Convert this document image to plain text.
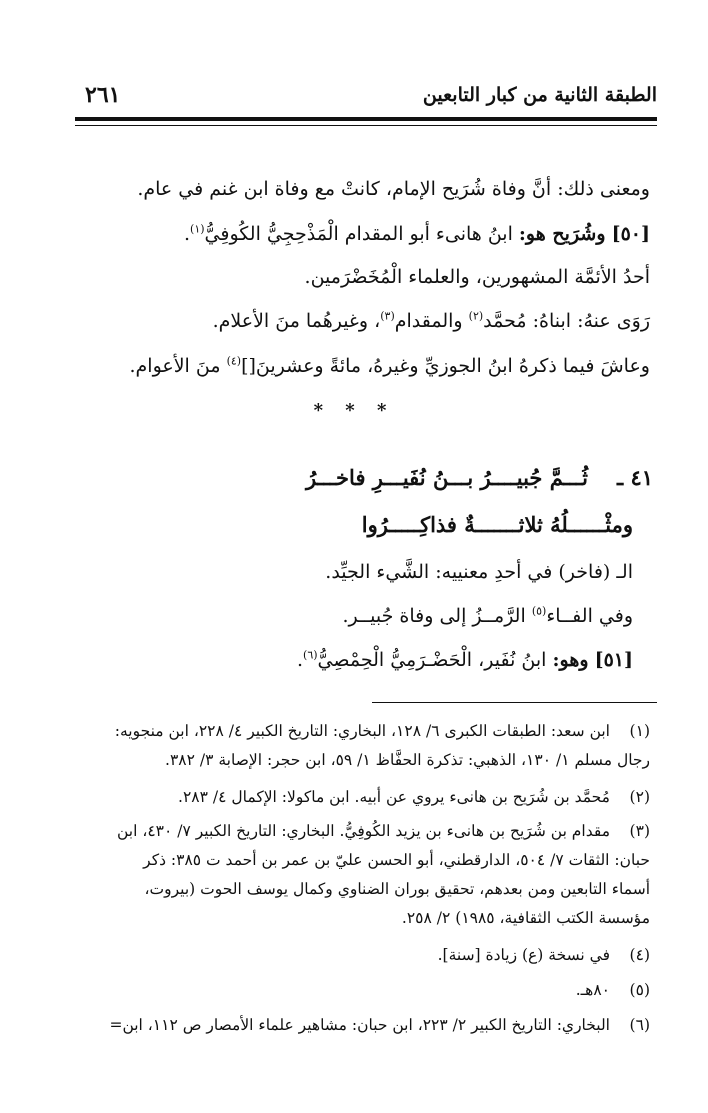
الطبقة الثانية من كبار التابعين
٢٦١
ومعنى ذلك: أنَّ وفاة شُرَيح الإمام، كانتْ مع وفاة ابن غنم في عام.
[٥٠] وشُرَيح هو: ابنُ هانىء أبو المقدام الْمَذْحِجِيُّ الكُوفِيُّ$^{(١)}$.
أحدُ الأئمَّة المشهورين، والعلماء الْمُخَضْرَمين.
رَوَى عنهُ: ابناهُ: مُحمَّد$^{(٢)}$ والمقدام$^{(٣)}$، وغيرهُما منَ الأعلام.
وعاشَ فيما ذكرهُ ابنُ الجوزيِّ وغيرهُ، مائةً وعشرينَ[]$^{(٤)}$ منَ الأعوام.
* * *
٤١ ـ
ثُـــمَّ جُبيــــرُ بـــنُ نُفَيـــرِ فاخـــرُ
ومثْــــــلُهُ ثلاثـــــــةٌ فذاكِـــــرُوا
الـ (فاخر) في أحدِ معنييه: الشَّيء الجيِّد.
وفي الفــاء$^{(٥)}$ الرَّمــزُ إلى وفاة جُبيــر.
[٥١] وهو: ابنُ نُفَير، الْحَضْـرَمِيُّ الْحِمْصِيُّ$^{(٦)}$.
(١)
ابن سعد: الطبقات الكبرى ٦/ ١٢٨، البخاري: التاريخ الكبير ٤/ ٢٢٨، ابن منجويه:
رجال مسلم ١/ ١٣٠، الذهبي: تذكرة الحفَّاظ ١/ ٥٩، ابن حجر: الإصابة ٣/ ٣٨٢.
(٢)
مُحمَّد بن شُرَيح بن هانىء يروي عن أبيه. ابن ماكولا: الإكمال ٤/ ٢٨٣.
(٣)
مقدام بن شُرَيح بن هانىء بن يزيد الكُوفِيُّ. البخاري: التاريخ الكبير ٧/ ٤٣٠، ابن
حبان: الثقات ٧/ ٥٠٤، الدارقطني، أبو الحسن عليّ بن عمر بن أحمد ت ٣٨٥: ذكر
أسماء التابعين ومن بعدهم، تحقيق بوران الضناوي وكمال يوسف الحوت (بيروت،
مؤسسة الكتب الثقافية، ١٩٨٥) ٢/ ٢٥٨.
(٤)
في نسخة (ع) زيادة [سنة].
(٥)
٨٠هـ.
(٦)
البخاري: التاريخ الكبير ٢/ ٢٢٣، ابن حبان: مشاهير علماء الأمصار ص ١١٢، ابن=
